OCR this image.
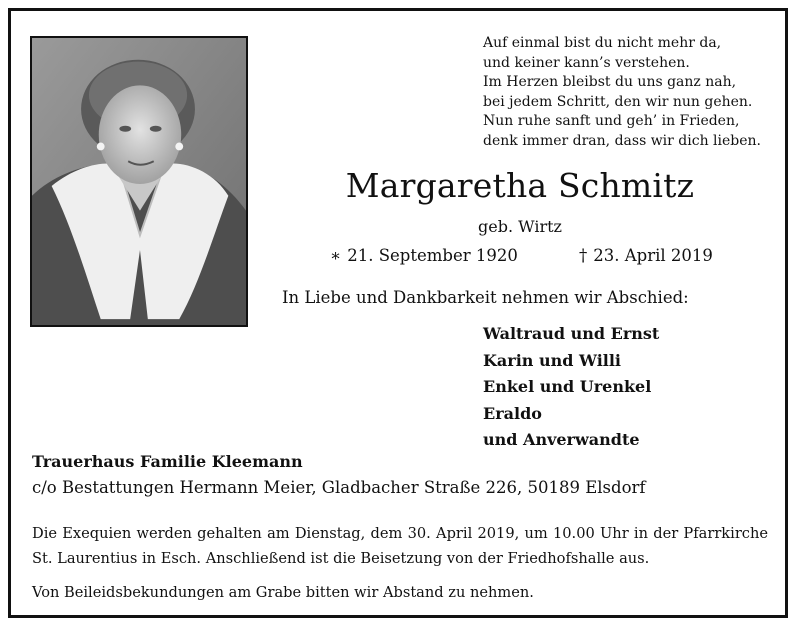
Auf einmal bist du nicht mehr da,
und keiner kann’s verstehen.
Im Herzen bleibst du uns ganz nah,
bei jedem Schritt, den wir nun gehen.
Nun ruhe sanft und geh’ in Frieden,
denk immer dran, dass wir dich lieben.
Margaretha Schmitz
geb. Wirtz
∗ 21. September 1920	† 23. April 2019
In Liebe und Dankbarkeit nehmen wir Abschied:
Waltraud und Ernst
Karin und Willi
Enkel und Urenkel
Eraldo
und Anverwandte
Trauerhaus Familie Kleemann
c/o Bestattungen Hermann Meier, Gladbacher Straße 226, 50189 Elsdorf
Die Exequien werden gehalten am Dienstag, dem 30. April 2019, um 10.00 Uhr in der Pfarrkirche St. Laurentius in Esch. Anschließend ist die Beisetzung von der Friedhofshalle aus.
Von Beileidsbekundungen am Grabe bitten wir Abstand zu nehmen.
